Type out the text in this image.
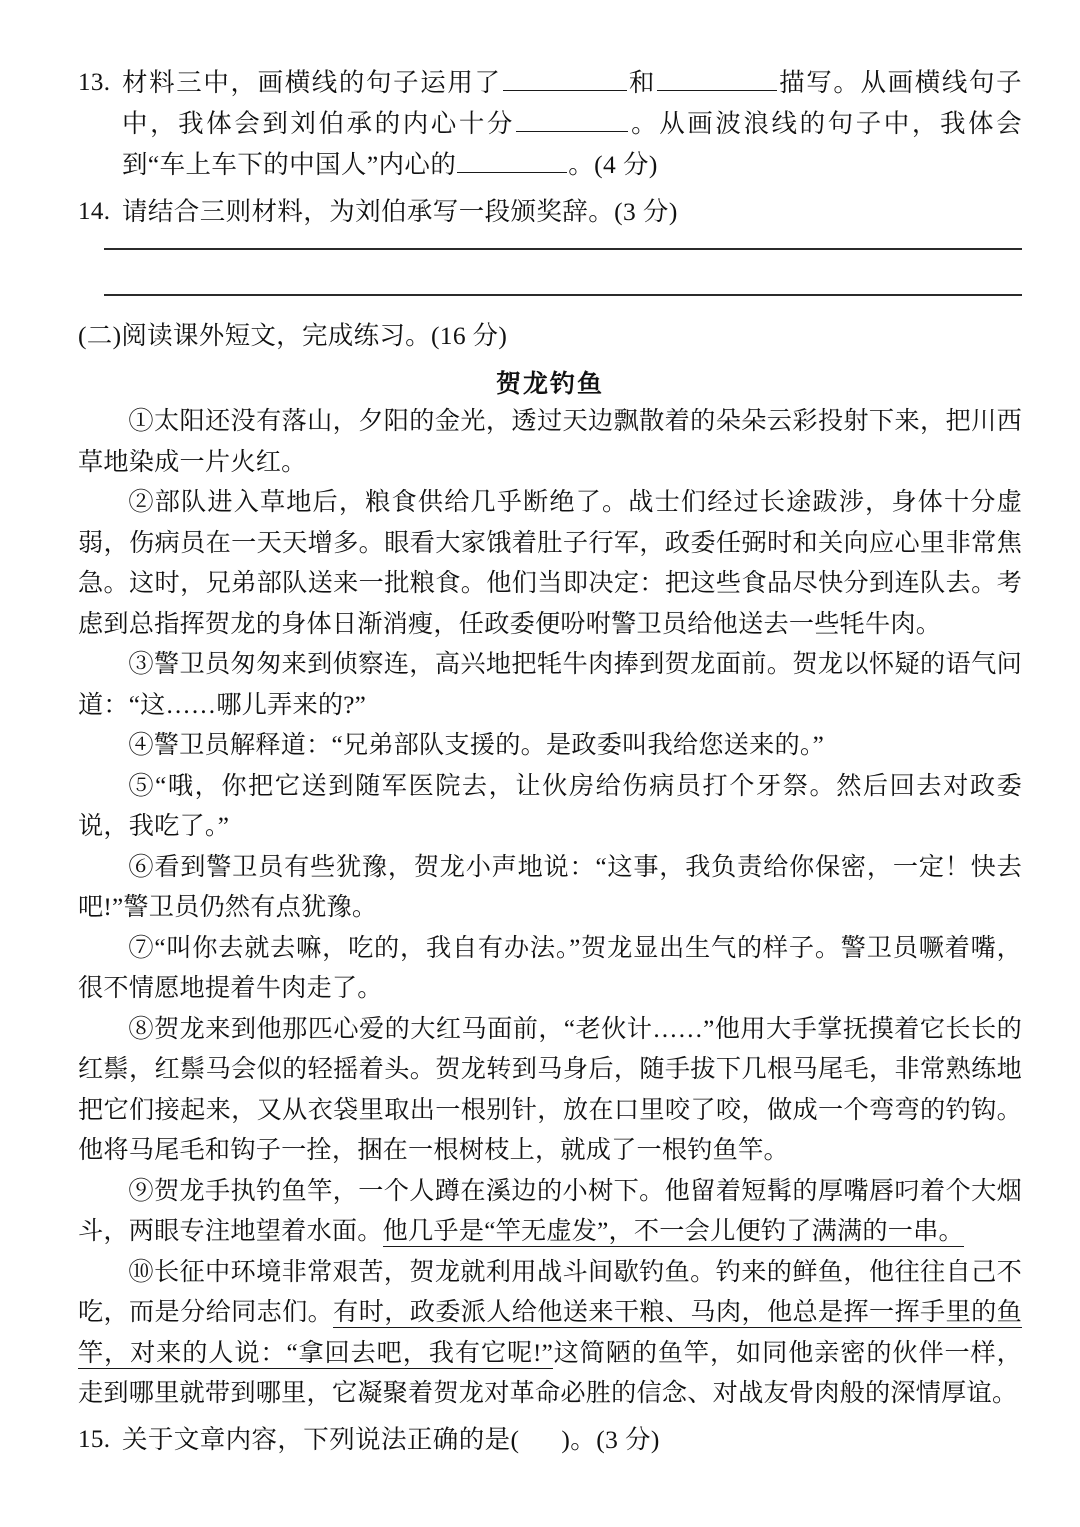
13. 材料三中，画横线的句子运用了	和	描写。从画横线句子中，我体会到刘伯承的内心十分	。从画波浪线的句子中，我体会到“车上车下的中国人”内心的	。(4 分)
14. 请结合三则材料，为刘伯承写一段颁奖辞。(3 分)
(二)阅读课外短文，完成练习。(16 分)
贺龙钓鱼

①太阳还没有落山，夕阳的金光，透过天边飘散着的朵朵云彩投射下来，把川西草地染成一片火红。

②部队进入草地后，粮食供给几乎断绝了。战士们经过长途跋涉，身体十分虚弱，伤病员在一天天增多。眼看大家饿着肚子行军，政委任弼时和关向应心里非常焦急。这时，兄弟部队送来一批粮食。他们当即决定：把这些食品尽快分到连队去。考虑到总指挥贺龙的身体日渐消瘦，任政委便吩咐警卫员给他送去一些牦牛肉。

③警卫员匆匆来到侦察连，高兴地把牦牛肉捧到贺龙面前。贺龙以怀疑的语气问道：“这……哪儿弄来的?”

④警卫员解释道：“兄弟部队支援的。是政委叫我给您送来的。”

⑤“哦，你把它送到随军医院去，让伙房给伤病员打个牙祭。然后回去对政委说，我吃了。”

⑥看到警卫员有些犹豫，贺龙小声地说：“这事，我负责给你保密，一定！快去吧!”警卫员仍然有点犹豫。

⑦“叫你去就去嘛，吃的，我自有办法。”贺龙显出生气的样子。警卫员噘着嘴，很不情愿地提着牛肉走了。

⑧贺龙来到他那匹心爱的大红马面前，“老伙计……”他用大手掌抚摸着它长长的红鬃，红鬃马会似的轻摇着头。贺龙转到马身后，随手拔下几根马尾毛，非常熟练地把它们接起来，又从衣袋里取出一根别针，放在口里咬了咬，做成一个弯弯的钓钩。他将马尾毛和钩子一拴，捆在一根树枝上，就成了一根钓鱼竿。

⑨贺龙手执钓鱼竿，一个人蹲在溪边的小树下。他留着短髯的厚嘴唇叼着个大烟斗，两眼专注地望着水面。他几乎是“竿无虚发”，不一会儿便钓了满满的一串。

⑩长征中环境非常艰苦，贺龙就利用战斗间歇钓鱼。钓来的鲜鱼，他往往自己不吃，而是分给同志们。有时，政委派人给他送来干粮、马肉，他总是挥一挥手里的鱼竿，对来的人说：“拿回去吧，我有它呢!”这简陋的鱼竿，如同他亲密的伙伴一样，走到哪里就带到哪里，它凝聚着贺龙对革命必胜的信念、对战友骨肉般的深情厚谊。

15. 关于文章内容，下列说法正确的是( )。(3 分)
